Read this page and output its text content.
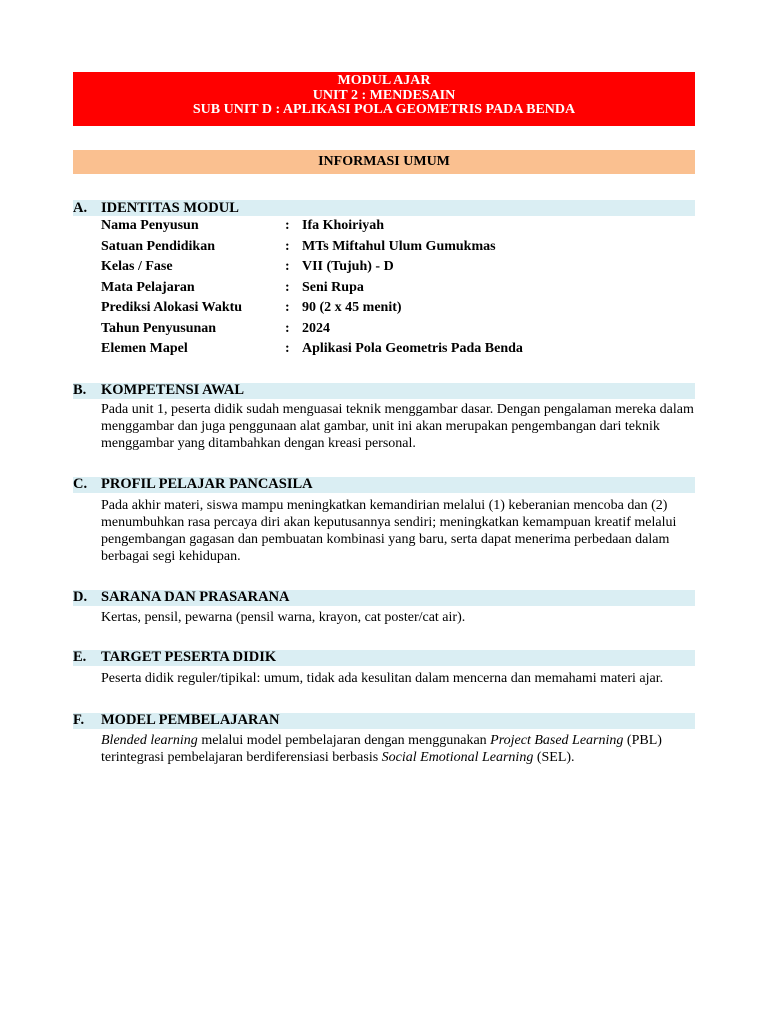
MODUL AJAR
UNIT 2 : MENDESAIN
SUB UNIT D : APLIKASI POLA GEOMETRIS PADA BENDA
INFORMASI UMUM
A. IDENTITAS MODUL
Nama Penyusun	: Ifa Khoiriyah
Satuan Pendidikan	: MTs Miftahul Ulum Gumukmas
Kelas / Fase	: VII (Tujuh) - D
Mata Pelajaran	: Seni Rupa
Prediksi Alokasi Waktu	: 90 (2 x 45 menit)
Tahun Penyusunan	: 2024
Elemen Mapel	: Aplikasi Pola Geometris Pada Benda
B.	KOMPETENSI AWAL

Pada unit 1, peserta didik sudah menguasai teknik menggambar dasar. Dengan pengalaman mereka dalam menggambar dan juga penggunaan alat gambar, unit ini akan merupakan pengembangan dari teknik menggambar yang ditambahkan dengan kreasi personal.

C. PROFIL PELAJAR PANCASILA

Pada akhir materi, siswa mampu meningkatkan kemandirian melalui (1) keberanian mencoba dan (2) menumbuhkan rasa percaya diri akan keputusannya sendiri; meningkatkan kemampuan kreatif melalui pengembangan gagasan dan pembuatan kombinasi yang baru, serta dapat menerima perbedaan dalam berbagai segi kehidupan.

D. SARANA DAN PRASARANA

Kertas, pensil, pewarna (pensil warna, krayon, cat poster/cat air).

E.	TARGET PESERTA DIDIK

Peserta didik reguler/tipikal: umum, tidak ada kesulitan dalam mencerna dan memahami materi ajar.

F.	MODEL PEMBELAJARAN

Blended learning melalui model pembelajaran dengan menggunakan Project Based Learning (PBL) terintegrasi pembelajaran berdiferensiasi berbasis Social Emotional Learning (SEL).
